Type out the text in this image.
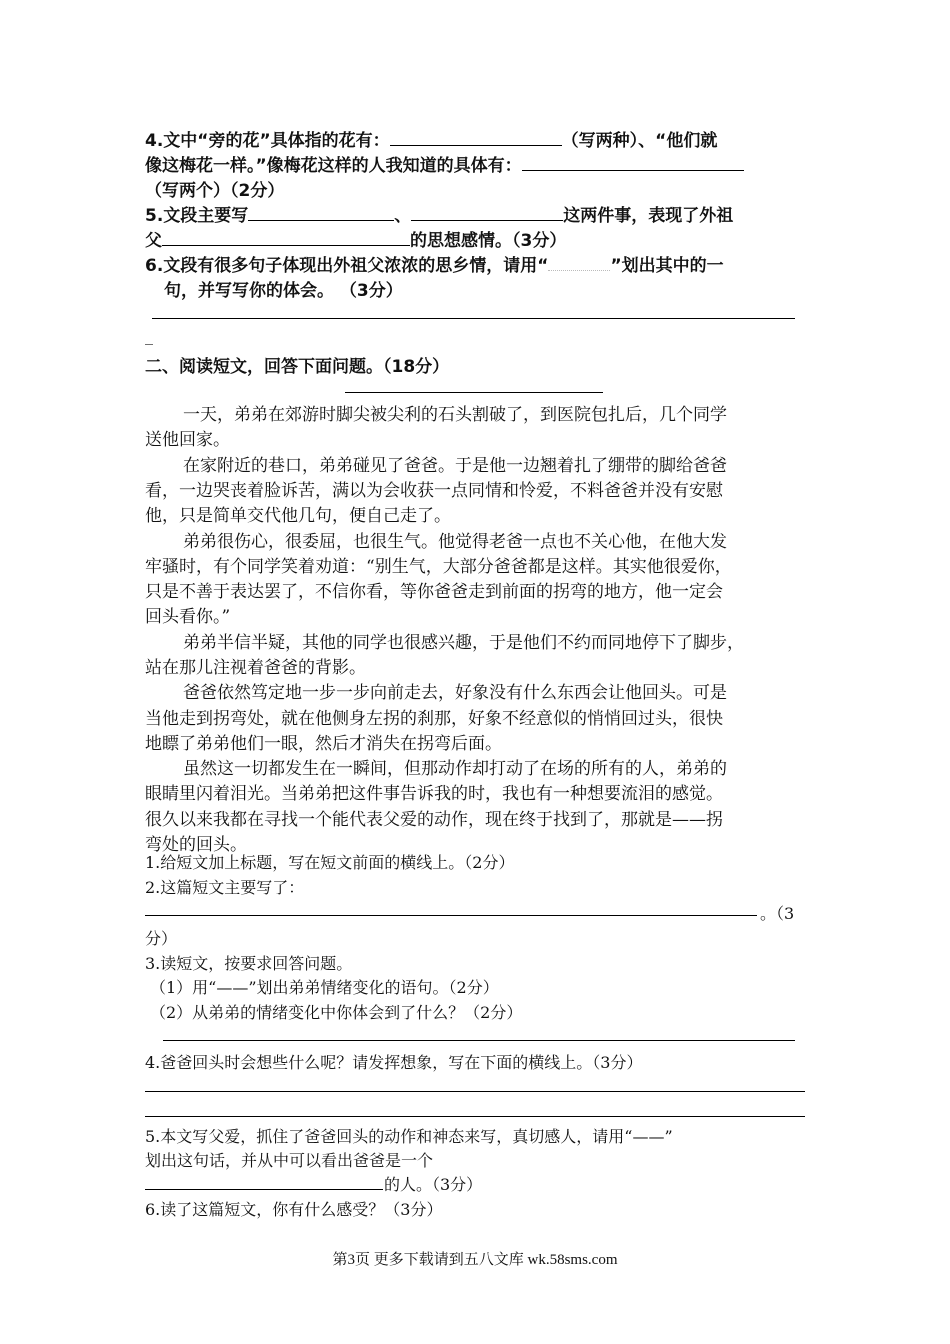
4.文中“旁的花”具体指的花有：	（写两种）、“他们就
像这梅花一样。”像梅花这样的人我知道的具体有：
（写两个）（2分）
5.文段主要写	、	这两件事，表现了外祖
父	的思想感情。（3分）
6.文段有很多句子体现出外祖父浓浓的思乡情，请用“	”划出其中的一
句，并写写你的体会。 （3分）
_
二、阅读短文，回答下面问题。（18分）
一天，弟弟在郊游时脚尖被尖利的石头割破了，到医院包扎后，几个同学
送他回家。
在家附近的巷口，弟弟碰见了爸爸。于是他一边翘着扎了绷带的脚给爸爸
看，一边哭丧着脸诉苦，满以为会收获一点同情和怜爱，不料爸爸并没有安慰
他，只是简单交代他几句，便自己走了。
弟弟很伤心，很委屈，也很生气。他觉得老爸一点也不关心他，在他大发
牢骚时，有个同学笑着劝道：“别生气，大部分爸爸都是这样。其实他很爱你，
只是不善于表达罢了，不信你看，等你爸爸走到前面的拐弯的地方，他一定会
回头看你。”
弟弟半信半疑，其他的同学也很感兴趣，于是他们不约而同地停下了脚步，
站在那儿注视着爸爸的背影。
爸爸依然笃定地一步一步向前走去，好象没有什么东西会让他回头。可是
当他走到拐弯处，就在他侧身左拐的刹那，好象不经意似的悄悄回过头，很快
地瞟了弟弟他们一眼，然后才消失在拐弯后面。
虽然这一切都发生在一瞬间，但那动作却打动了在场的所有的人，弟弟的
眼睛里闪着泪光。当弟弟把这件事告诉我的时，我也有一种想要流泪的感觉。
很久以来我都在寻找一个能代表父爱的动作，现在终于找到了，那就是——拐
弯处的回头。
1.给短文加上标题，写在短文前面的横线上。（2分）
2.这篇短文主要写了：
。（3
分）
3.读短文，按要求回答问题。
（1）用“——”划出弟弟情绪变化的语句。（2分）
（2）从弟弟的情绪变化中你体会到了什么？（2分）
4.爸爸回头时会想些什么呢？请发挥想象，写在下面的横线上。（3分）
5.本文写父爱，抓住了爸爸回头的动作和神态来写，真切感人，请用“——”
划出这句话，并从中可以看出爸爸是一个
的人。（3分）
6.读了这篇短文，你有什么感受？（3分）
第3页 更多下载请到五八文库 wk.58sms.com
